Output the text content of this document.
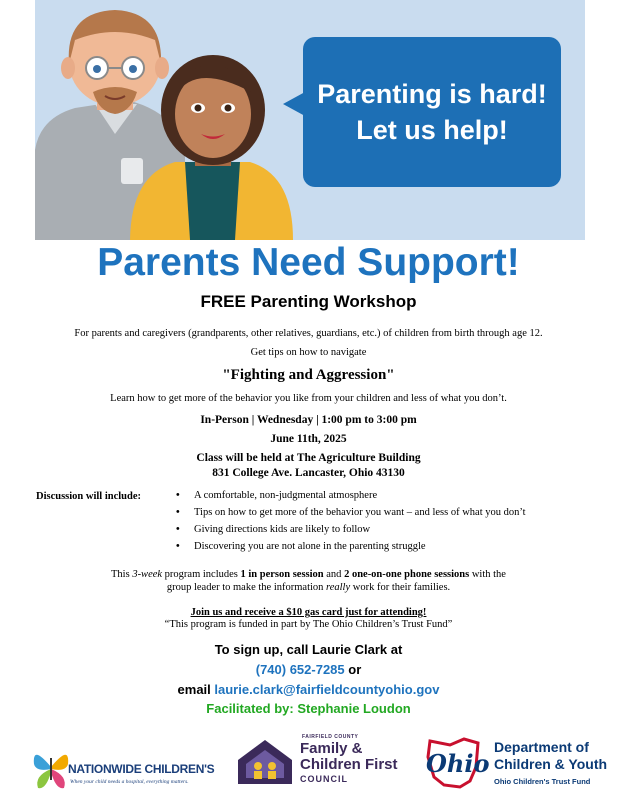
Parenting is hard!
Let us help!
Parents Need Support!
FREE Parenting Workshop
For parents and caregivers (grandparents, other relatives, guardians, etc.) of children from birth through age 12.
Get tips on how to navigate
"Fighting and Aggression"
Learn how to get more of the behavior you like from your children and less of what you don’t.
In-Person | Wednesday | 1:00 pm to 3:00 pm
June 11th, 2025
Class will be held at The Agriculture Building
831 College Ave. Lancaster, Ohio 43130
Discussion will include:
•	A comfortable, non-judgmental atmosphere
• Tips on how to get more of the behavior you want – and less of what you don’t
• Giving directions kids are likely to follow
• Discovering you are not alone in the parenting struggle
This 3-week program includes 1 in person session and 2 one-on-one phone sessions with the
group leader to make the information really work for their families.
Join us and receive a $10 gas card just for attending!
“This program is funded in part by The Ohio Children’s Trust Fund”
To sign up, call Laurie Clark at
(740) 652-7285 or
email laurie.clark@fairfieldcountyohio.gov
Facilitated by: Stephanie Loudon
NATIONWIDE CHILDREN'S
When your child needs a hospital, everything matters.
FAIRFIELD COUNTY
Family &
Children First
COUNCIL
Ohio
Department of
Children & Youth
Ohio Children's Trust Fund
